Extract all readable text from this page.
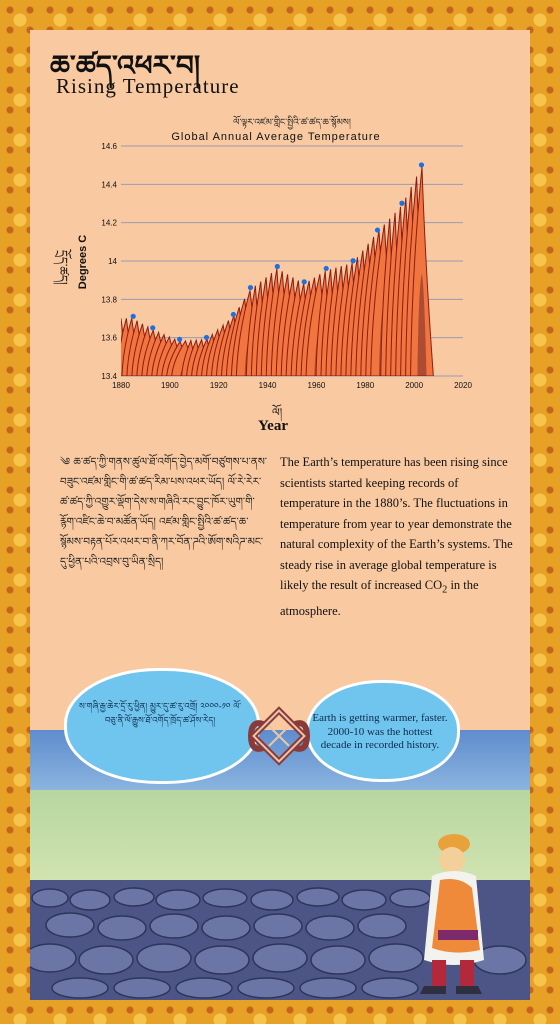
ཆ་ཚད་འཕར་བ།
Rising Temperature
ལོ་ལྟར་འཛམ་གླིང་སྤྱིའི་ཚ་ཚད་ཆ་སྙོམས།
Global Annual Average Temperature
Degrees C
13.4
13.6
13.8
14
14.2
14.4
14.6
1880	1900	1920	1940	1960	1980	2000	2020
དྲོད་ཚད།
ལོ།
Year
༄ ཆ་ཚད་ཀྱི་གནས་ཚུལ་ཐོ་འགོད་བྱེད་མགོ་བཙུགས་པ་ནས་བཟུང་འཛམ་གླིང་གི་ཚ་ཚད་རིམ་པས་འཕར་ཡོད། ལོ་རེ་རེར་ཚ་ཚད་ཀྱི་འགྱུར་ལྡོག་དེས་ས་གཞིའི་རང་བྱུང་ཁོར་ཡུག་གི་རྙོག་འཛིང་ཆེ་བ་མཚོན་ཡོད། འཛམ་གླིང་སྤྱིའི་ཚ་ཚད་ཆ་སྙོམས་བརྟན་པོར་འཕར་བ་ནི་ཀར་བོན་ཌའི་ཨོག་སའིཌ་མང་དུ་ཕྱིན་པའི་འབྲས་བུ་ཡིན་སྲིད།
The Earth’s temperature has been rising since scientists started keeping records of temperature in the 1880’s. The fluctuations in temperature from year to year demonstrate the natural complexity of the Earth’s systems. The steady rise in average global temperature is likely the result of increased $CO_2$ in the atmosphere.
ས་གཞི་རྒྱ་ཆེར་དྲོ་རུ་ཕྱིན། མྱུར་དུ་ཚ་རུ་འགྲོ། ༢༠༠༠-༡༠ ལོ་བཅུ་ནི་ལོ་རྒྱུས་ཐོ་འགོད་ཁྲོད་ཚ་ཤོས་རེད།	Earth is getting warmer, faster. 2000-10 was the hottest decade in recorded history.
